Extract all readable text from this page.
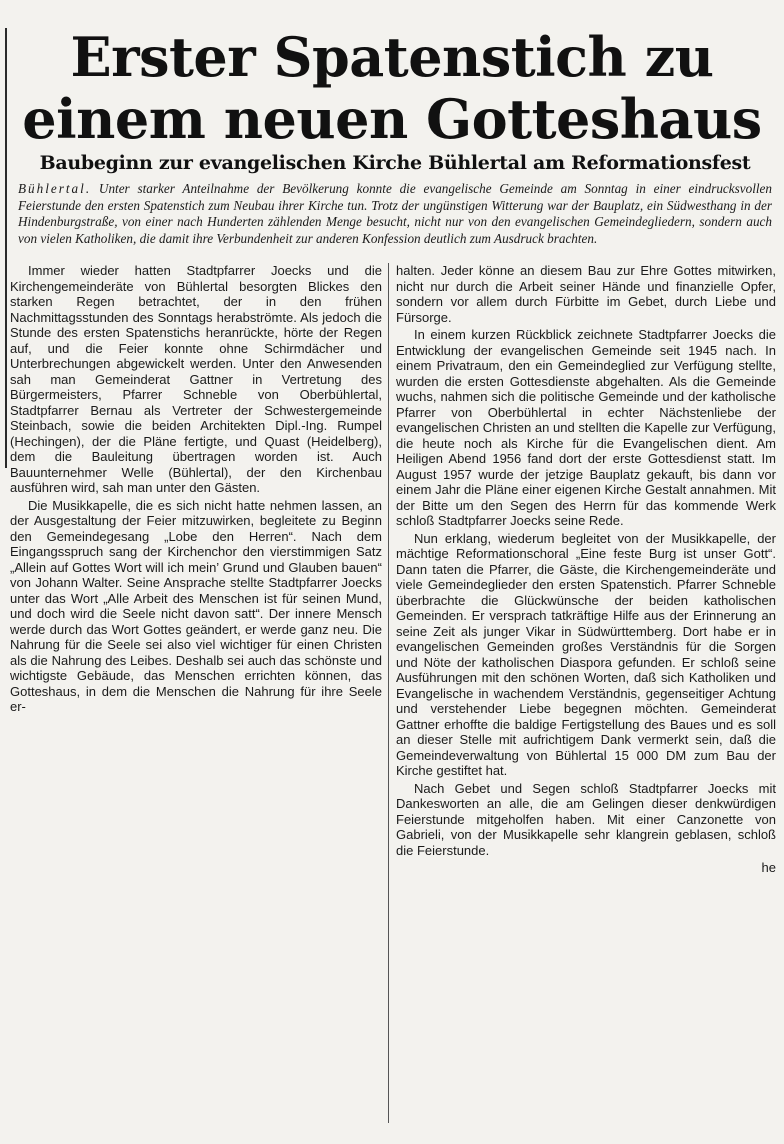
Erster Spatenstich zu
einem neuen Gotteshaus
Baubeginn zur evangelischen Kirche Bühlertal am Reformationsfest

Bühlertal. Unter starker Anteilnahme der Bevölkerung konnte die evangelische Gemeinde am Sonntag in einer eindrucksvollen Feierstunde den ersten Spatenstich zum Neubau ihrer Kirche tun. Trotz der ungünstigen Witterung war der Bauplatz, ein Südwesthang in der Hindenburgstraße, von einer nach Hunderten zählenden Menge besucht, nicht nur von den evangelischen Gemeindegliedern, sondern auch von vielen Katholiken, die damit ihre Verbundenheit zur anderen Konfession deutlich zum Ausdruck brachten.

Immer wieder hatten Stadtpfarrer Joecks und die Kirchengemeinderäte von Bühlertal besorgten Blickes den starken Regen betrachtet, der in den frühen Nachmittagsstunden des Sonntags herabströmte. Als jedoch die Stunde des ersten Spatenstichs heranrückte, hörte der Regen auf, und die Feier konnte ohne Schirmdächer und Unterbrechungen abgewickelt werden. Unter den Anwesenden sah man Gemeinderat Gattner in Vertretung des Bürgermeisters, Pfarrer Schneble von Oberbühlertal, Stadtpfarrer Bernau als Vertreter der Schwestergemeinde Steinbach, sowie die beiden Architekten Dipl.-Ing. Rumpel (Hechingen), der die Pläne fertigte, und Quast (Heidelberg), dem die Bauleitung übertragen worden ist. Auch Bauunternehmer Welle (Bühlertal), der den Kirchenbau ausführen wird, sah man unter den Gästen.

Die Musikkapelle, die es sich nicht hatte nehmen lassen, an der Ausgestaltung der Feier mitzuwirken, begleitete zu Beginn den Gemeindegesang „Lobe den Herren“. Nach dem Eingangsspruch sang der Kirchenchor den vierstimmigen Satz „Allein auf Gottes Wort will ich mein’ Grund und Glauben bauen“ von Johann Walter. Seine Ansprache stellte Stadtpfarrer Joecks unter das Wort „Alle Arbeit des Menschen ist für seinen Mund, und doch wird die Seele nicht davon satt“. Der innere Mensch werde durch das Wort Gottes geändert, er werde ganz neu. Die Nahrung für die Seele sei also viel wichtiger für einen Christen als die Nahrung des Leibes. Deshalb sei auch das schönste und wichtigste Gebäude, das Menschen errichten können, das Gotteshaus, in dem die Menschen die Nahrung für ihre Seele er-

halten. Jeder könne an diesem Bau zur Ehre Gottes mitwirken, nicht nur durch die Arbeit seiner Hände und finanzielle Opfer, sondern vor allem durch Fürbitte im Gebet, durch Liebe und Fürsorge.

In einem kurzen Rückblick zeichnete Stadtpfarrer Joecks die Entwicklung der evangelischen Gemeinde seit 1945 nach. In einem Privatraum, den ein Gemeindeglied zur Verfügung stellte, wurden die ersten Gottesdienste abgehalten. Als die Gemeinde wuchs, nahmen sich die politische Gemeinde und der katholische Pfarrer von Oberbühlertal in echter Nächstenliebe der evangelischen Christen an und stellten die Kapelle zur Verfügung, die heute noch als Kirche für die Evangelischen dient. Am Heiligen Abend 1956 fand dort der erste Gottesdienst statt. Im August 1957 wurde der jetzige Bauplatz gekauft, bis dann vor einem Jahr die Pläne einer eigenen Kirche Gestalt annahmen. Mit der Bitte um den Segen des Herrn für das kommende Werk schloß Stadtpfarrer Joecks seine Rede.

Nun erklang, wiederum begleitet von der Musikkapelle, der mächtige Reformationschoral „Eine feste Burg ist unser Gott“. Dann taten die Pfarrer, die Gäste, die Kirchengemeinderäte und viele Gemeindeglieder den ersten Spatenstich. Pfarrer Schneble überbrachte die Glückwünsche der beiden katholischen Gemeinden. Er versprach tatkräftige Hilfe aus der Erinnerung an seine Zeit als junger Vikar in Südwürttemberg. Dort habe er in evangelischen Gemeinden großes Verständnis für die Sorgen und Nöte der katholischen Diaspora gefunden. Er schloß seine Ausführungen mit den schönen Worten, daß sich Katholiken und Evangelische in wachendem Verständnis, gegenseitiger Achtung und verstehender Liebe begegnen möchten. Gemeinderat Gattner erhoffte die baldige Fertigstellung des Baues und es soll an dieser Stelle mit aufrichtigem Dank vermerkt sein, daß die Gemeindeverwaltung von Bühlertal 15 000 DM zum Bau der Kirche gestiftet hat.

Nach Gebet und Segen schloß Stadtpfarrer Joecks mit Dankesworten an alle, die am Gelingen dieser denkwürdigen Feierstunde mitgeholfen haben. Mit einer Canzonette von Gabrieli, von der Musikkapelle sehr klangrein geblasen, schloß die Feierstunde.

he
